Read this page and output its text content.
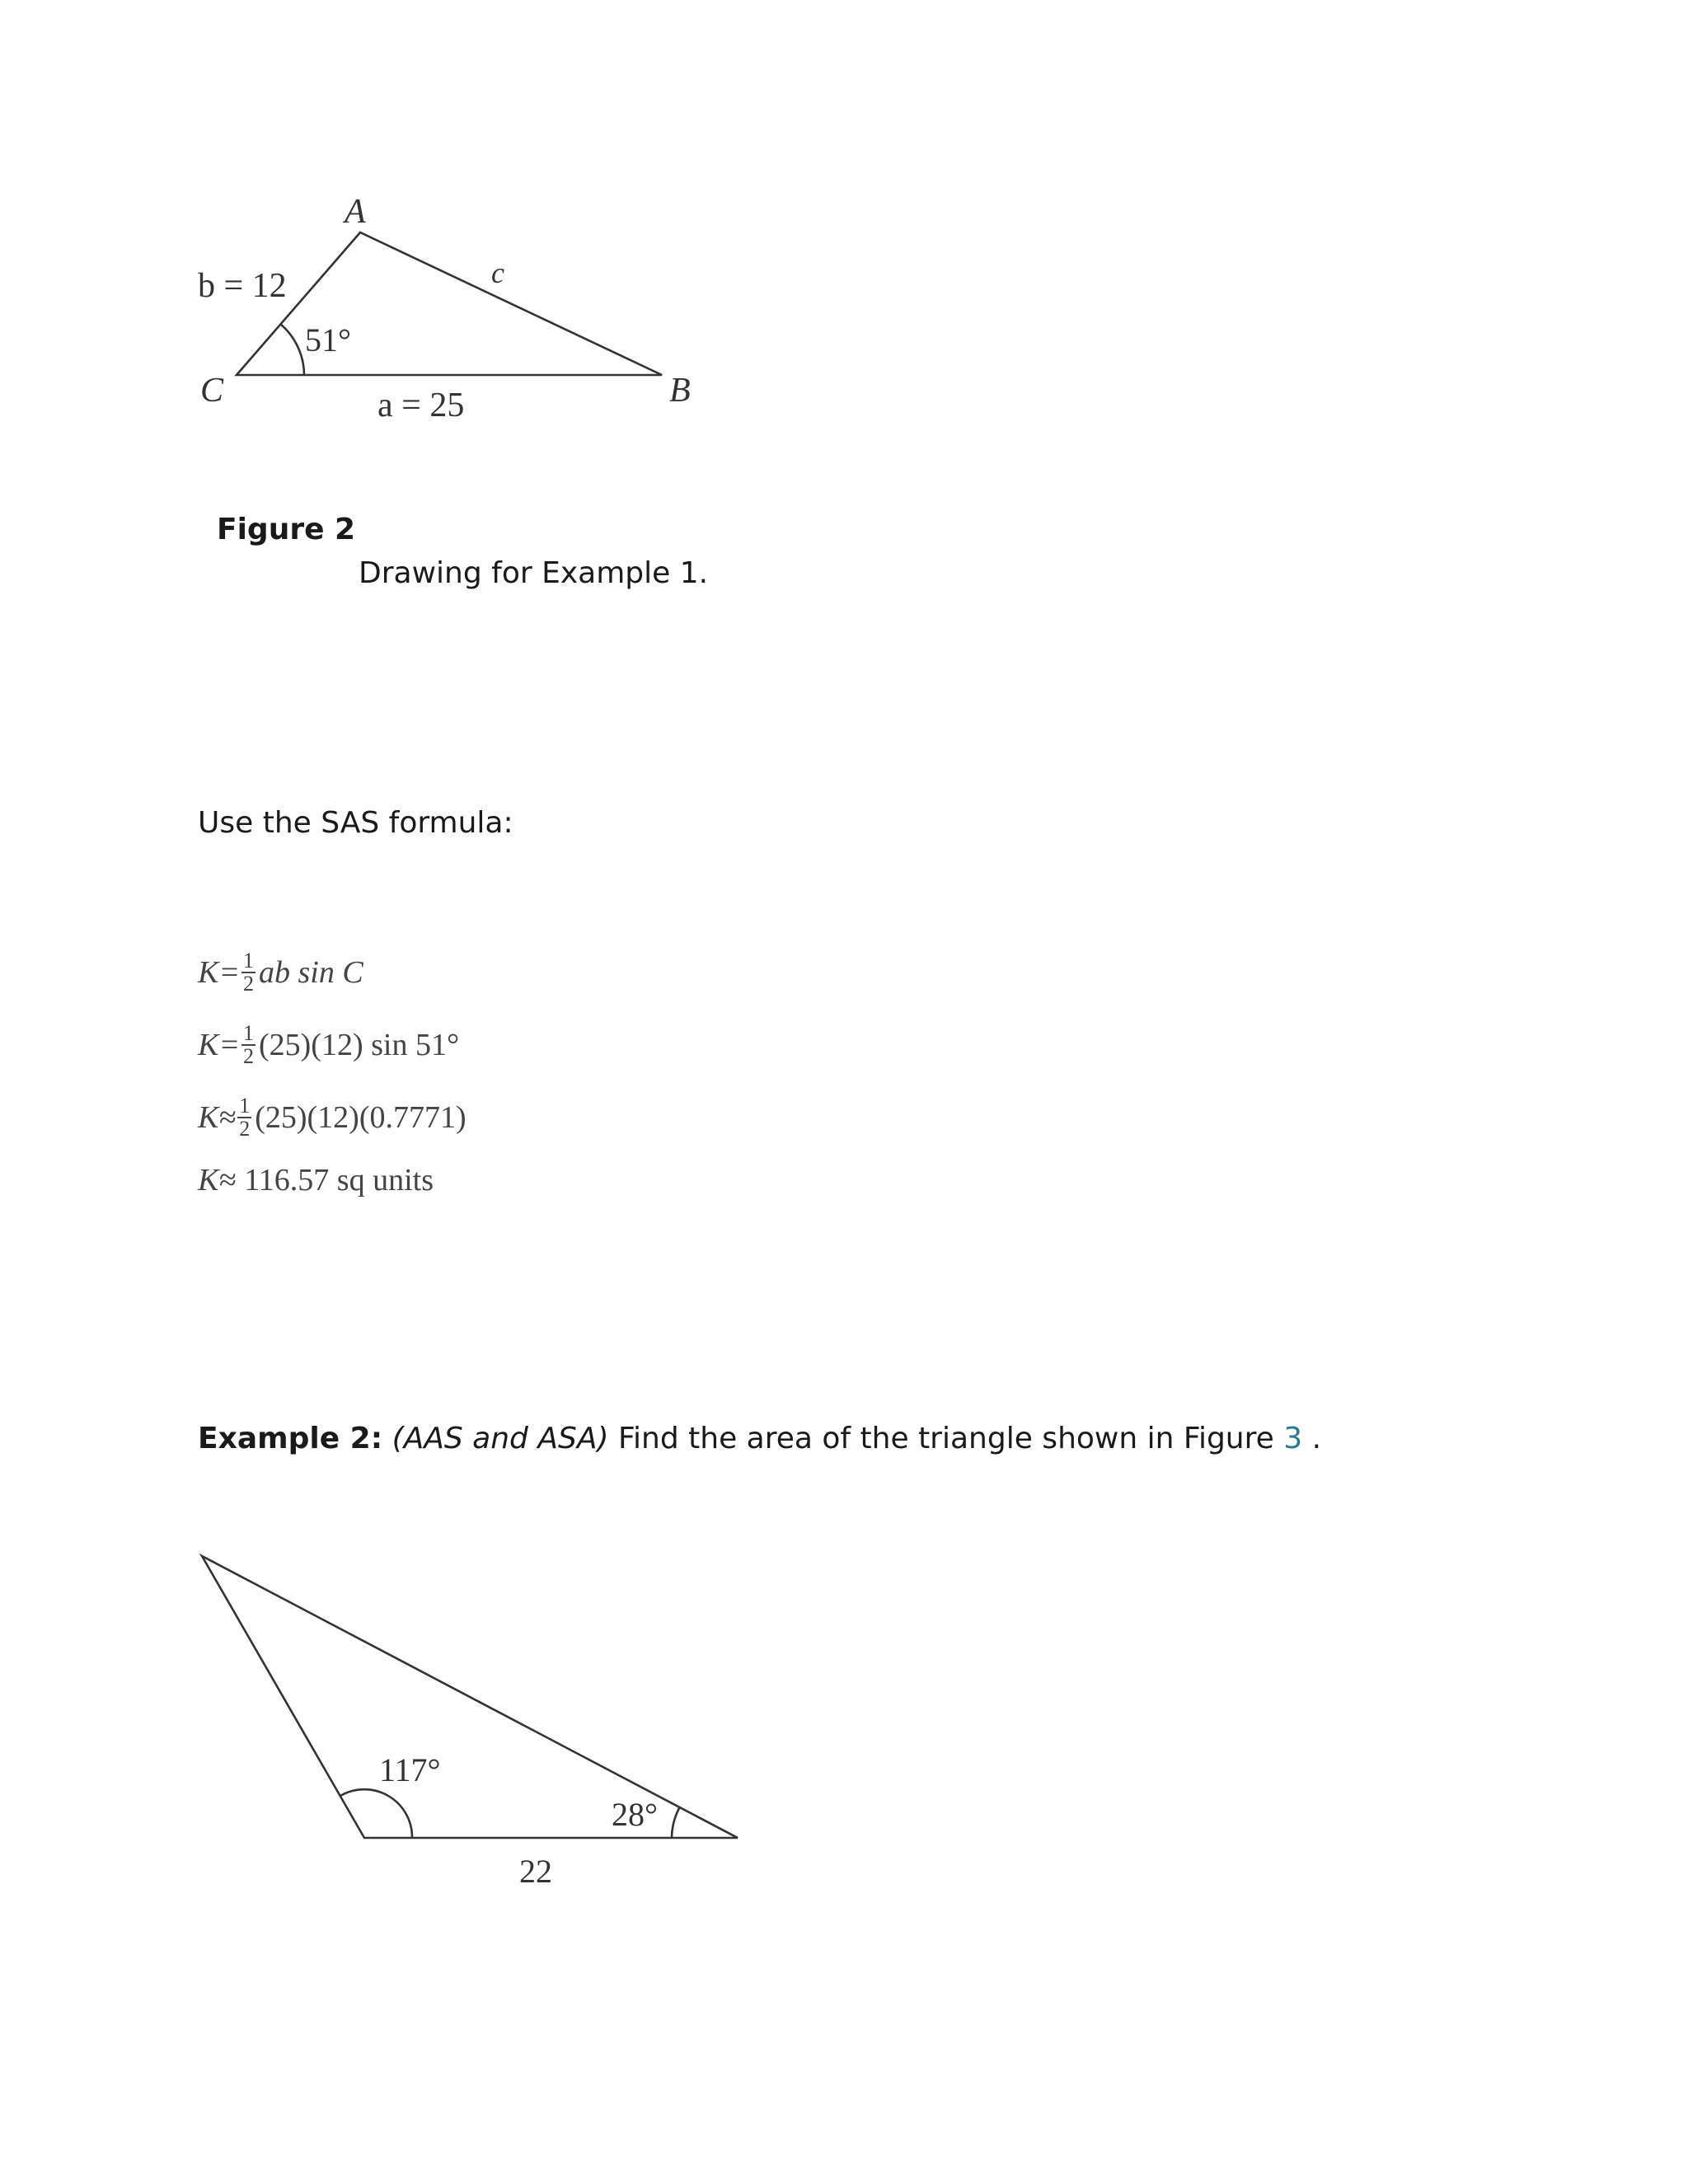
A
B
C
b = 12	c
a = 25
51°
Figure 2
Drawing for Example 1.
Use the SAS formula:
$K= \frac{1}{2}$ ab sin C
$K= \frac{1}{2} (25)(12)$ sin 51°
$K\approx \frac{1}{2} (25)(12)(0.7771)$
K≈ 116.57 sq units
Example 2: (AAS and ASA) Find the area of the triangle shown in Figure 3 .
117°
28°
22
